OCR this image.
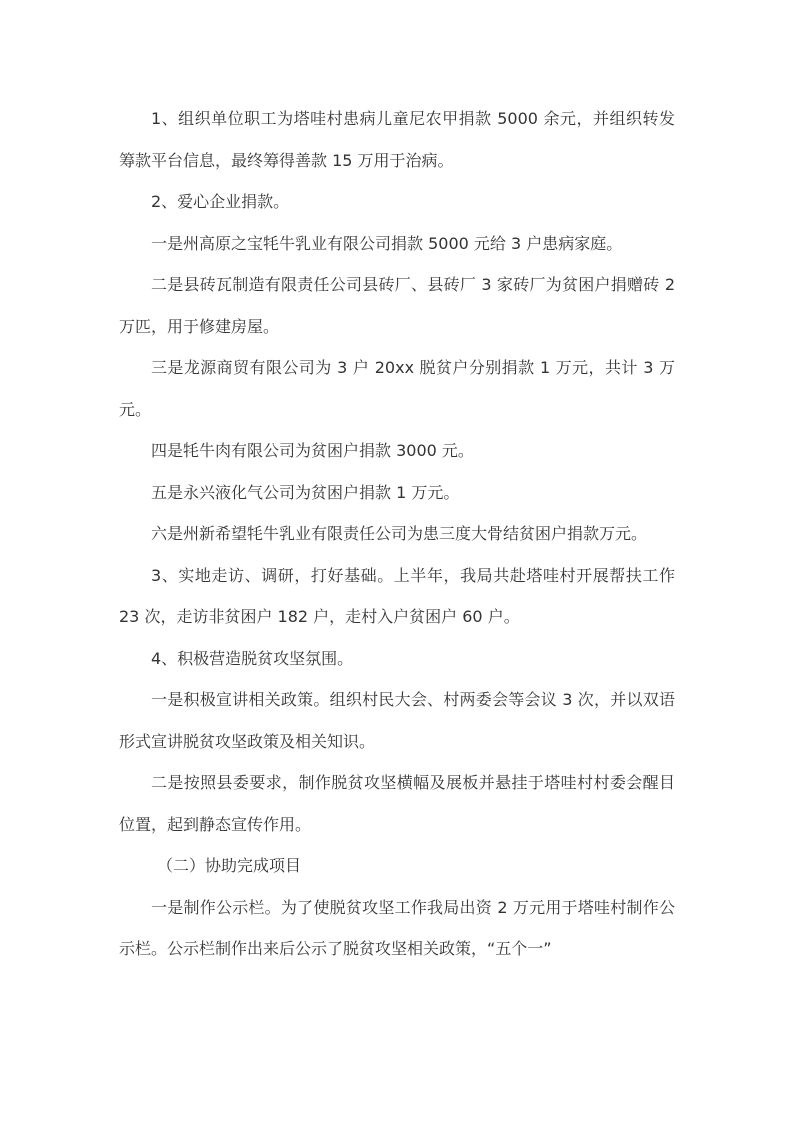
1、组织单位职工为塔哇村患病儿童尼农甲捐款 5000 余元，并组织转发筹款平台信息，最终筹得善款 15 万用于治病。

2、爱心企业捐款。

一是州高原之宝牦牛乳业有限公司捐款 5000 元给 3 户患病家庭。

二是县砖瓦制造有限责任公司县砖厂、县砖厂 3 家砖厂为贫困户捐赠砖 2 万匹，用于修建房屋。

三是龙源商贸有限公司为 3 户 20xx 脱贫户分别捐款 1 万元，共计 3 万元。

四是牦牛肉有限公司为贫困户捐款 3000 元。

五是永兴液化气公司为贫困户捐款 1 万元。

六是州新希望牦牛乳业有限责任公司为患三度大骨结贫困户捐款万元。

3、实地走访、调研，打好基础。上半年，我局共赴塔哇村开展帮扶工作 23 次，走访非贫困户 182 户，走村入户贫困户 60 户。

4、积极营造脱贫攻坚氛围。

一是积极宣讲相关政策。组织村民大会、村两委会等会议 3 次，并以双语形式宣讲脱贫攻坚政策及相关知识。

二是按照县委要求，制作脱贫攻坚横幅及展板并悬挂于塔哇村村委会醒目位置，起到静态宣传作用。

（二）协助完成项目

一是制作公示栏。为了使脱贫攻坚工作我局出资 2 万元用于塔哇村制作公示栏。公示栏制作出来后公示了脱贫攻坚相关政策，“五个一”
